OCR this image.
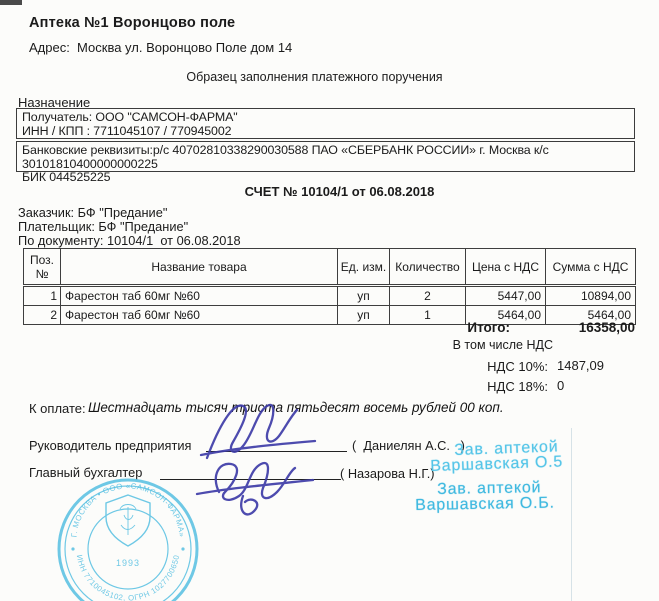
Аптека №1 Воронцово поле
Адрес:  Москва ул. Воронцово Поле дом 14
Образец заполнения платежного поручения
Назначение
Получатель: ООО "САМСОН-ФАРМА"
ИНН / КПП : 7711045107 / 770945002
Банковские реквизиты:р/с 40702810338290030588 ПАО «СБЕРБАНК РОССИИ» г. Москва к/с 30101810400000000225
БИК 044525225
СЧЕТ № 10104/1 от 06.08.2018
Заказчик: БФ "Предание"
Плательщик: БФ "Предание"
По документу: 10104/1  от 06.08.2018
Поз. №	Название товара	Ед. изм.	Количество	Цена с НДС	Сумма с НДС
1	Фарестон таб 60мг №60	уп	2	5447,00	10894,00
2	Фарестон таб 60мг №60	уп	1	5464,00	5464,00
Итого:	16358,00
В том числе НДС
НДС 10%: 1487,09
НДС 18%: 0
К оплате: Шестнадцать тысяч триста пятьдесят восемь рублей 00 коп.
Руководитель предприятия	(  Даниелян А.С.   )
Главный бухгалтер	( Назарова Н.Г.)
Зав. аптекой
Варшавская О.5
Зав. аптекой
Варшавская О.Б.
Г. МОСКВА • ООО «САМСОН-ФАРМА»
ИНН 7710045102, ОГРН 1027700650
1993
